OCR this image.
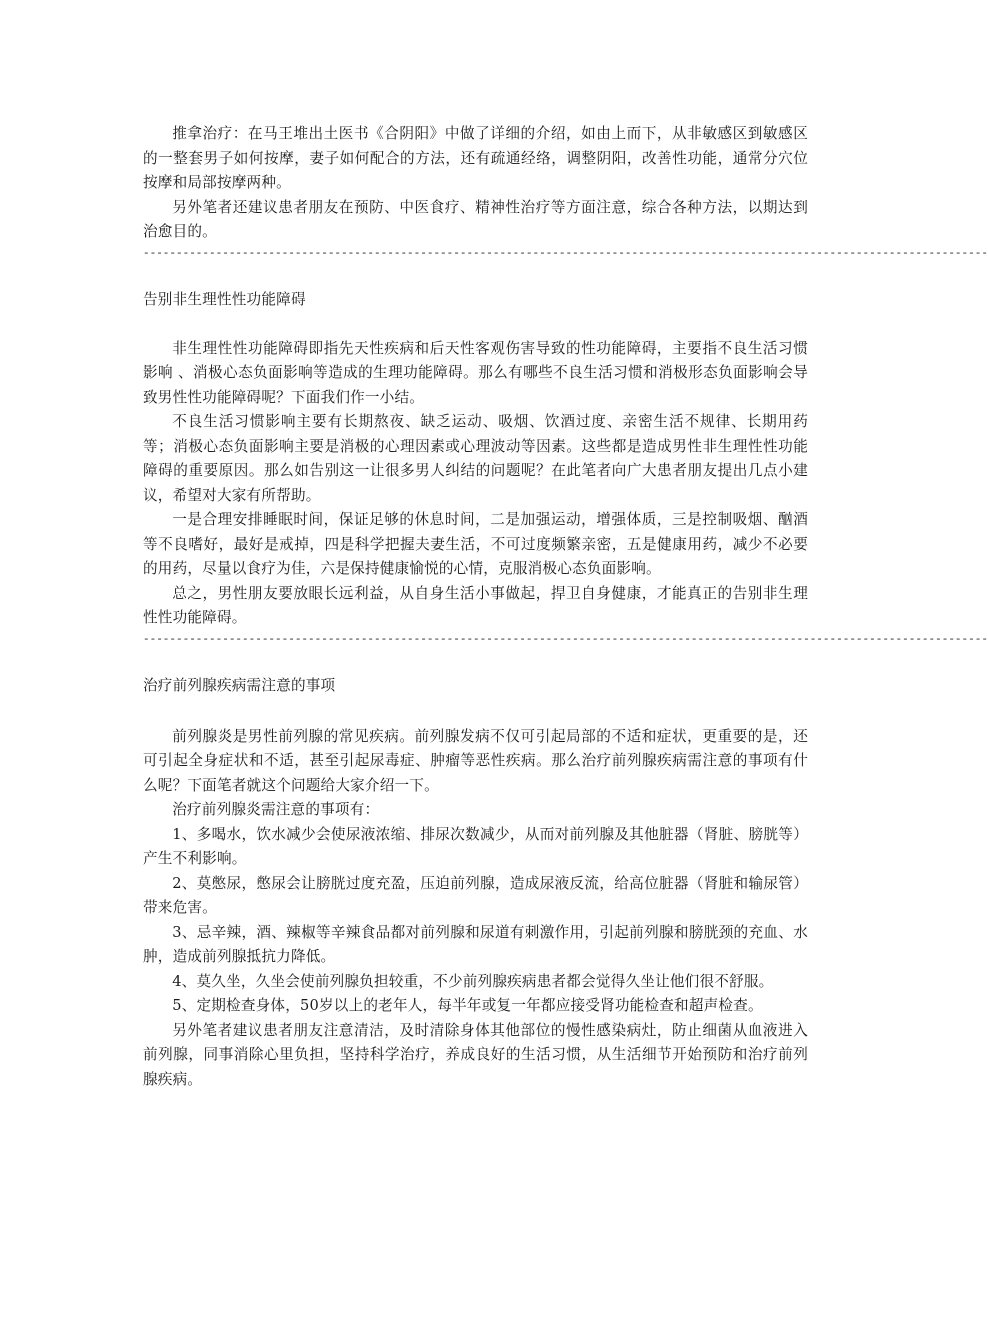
推拿治疗：在马王堆出土医书《合阴阳》中做了详细的介绍，如由上而下，从非敏感区到敏感区的一整套男子如何按摩，妻子如何配合的方法，还有疏通经络，调整阴阳，改善性功能，通常分穴位按摩和局部按摩两种。

另外笔者还建议患者朋友在预防、中医食疗、精神性治疗等方面注意，综合各种方法，以期达到治愈目的。

--------------------------------------------------------------------------------------------------------------------------------

告别非生理性性功能障碍

非生理性性功能障碍即指先天性疾病和后天性客观伤害导致的性功能障碍，主要指不良生活习惯影响 、消极心态负面影响等造成的生理功能障碍。那么有哪些不良生活习惯和消极形态负面影响会导　　致男性性功能障碍呢？下面我们作一小结。

不良生活习惯影响主要有长期熬夜、缺乏运动、吸烟、饮酒过度、亲密生活不规律、长期用药等；消极心态负面影响主要是消极的心理因素或心理波动等因素。这些都是造成男性非生理性性功能障碍的重要原因。那么如告别这一让很多男人纠结的问题呢？在此笔者向广大患者朋友提出几点小建议，希望对大家有所帮助。

一是合理安排睡眠时间，保证足够的休息时间，二是加强运动，增强体质，三是控制吸烟、酗酒等不良嗜好，最好是戒掉，四是科学把握夫妻生活，不可过度频繁亲密，五是健康用药，减少不必要的用药，尽量以食疗为佳，六是保持健康愉悦的心情，克服消极心态负面影响。

总之，男性朋友要放眼长远利益，从自身生活小事做起，捍卫自身健康，才能真正的告别非生理性性功能障碍。

--------------------------------------------------------------------------------------------------------------------------------

治疗前列腺疾病需注意的事项

前列腺炎是男性前列腺的常见疾病。前列腺发病不仅可引起局部的不适和症状，更重要的是，还可引起全身症状和不适，甚至引起尿毒症、肿瘤等恶性疾病。那么治疗前列腺疾病需注意的事项有什么呢？下面笔者就这个问题给大家介绍一下。

治疗前列腺炎需注意的事项有：

1、多喝水，饮水减少会使尿液浓缩、排尿次数减少，从而对前列腺及其他脏器（肾脏、膀胱等）产生不利影响。

2、莫憋尿，憋尿会让膀胱过度充盈，压迫前列腺，造成尿液反流，给高位脏器（肾脏和输尿管）带来危害。

3、忌辛辣，酒、辣椒等辛辣食品都对前列腺和尿道有刺激作用，引起前列腺和膀胱颈的充血、水肿，造成前列腺抵抗力降低。

4、莫久坐，久坐会使前列腺负担较重，不少前列腺疾病患者都会觉得久坐让他们很不舒服。

5、定期检查身体，50岁以上的老年人，每半年或复一年都应接受肾功能检查和超声检查。

另外笔者建议患者朋友注意清洁，及时清除身体其他部位的慢性感染病灶，防止细菌从血液进入前列腺，同事消除心里负担，坚持科学治疗，养成良好的生活习惯，从生活细节开始预防和治疗前列腺疾病。
